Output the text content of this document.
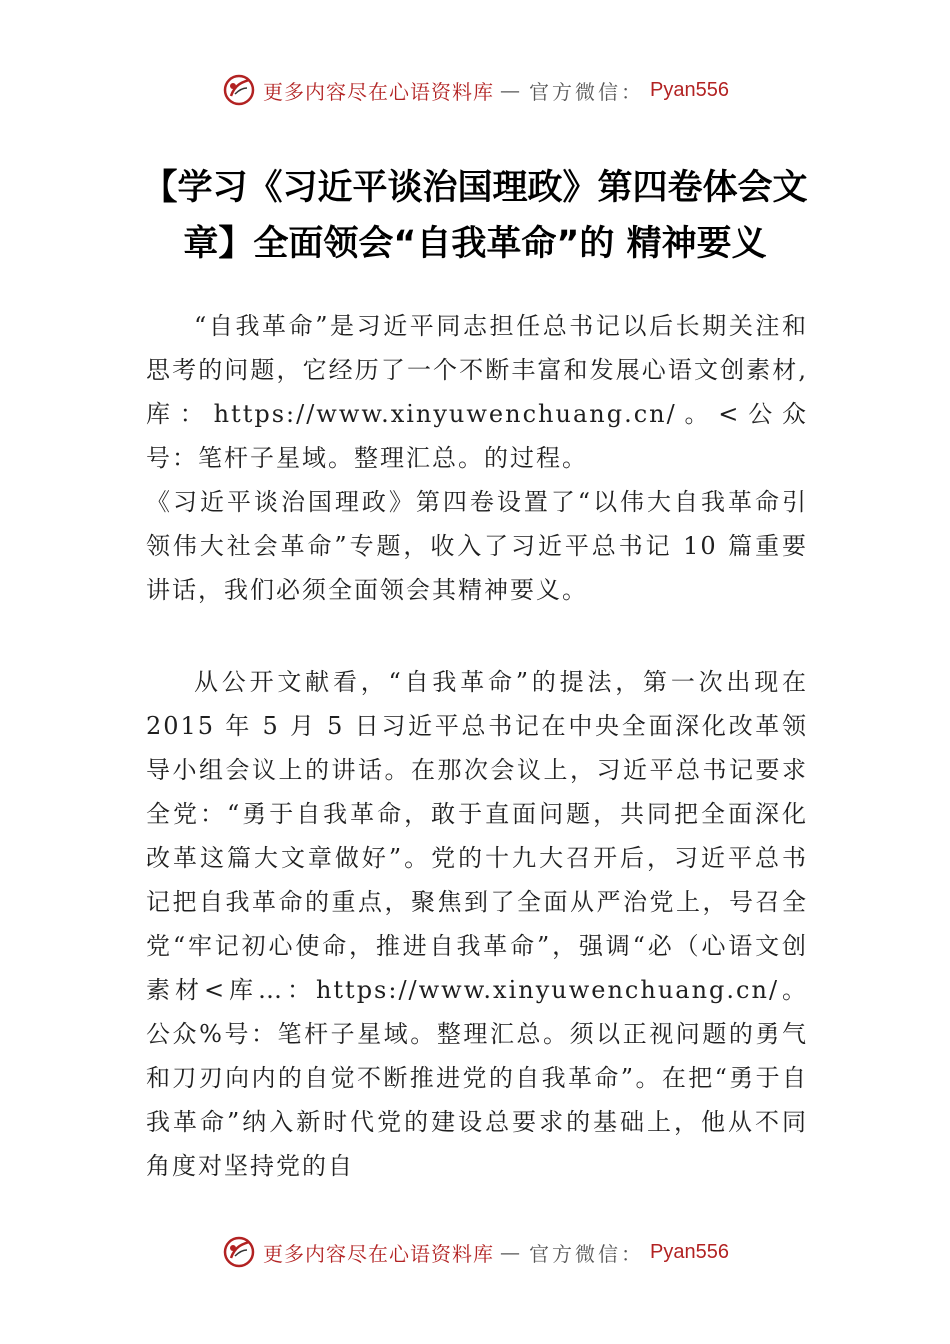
更多内容尽在心语资料库 — 官方微信： Pyan556
【学习《习近平谈治国理政》第四卷体会文
章】全面领会“自我革命”的 精神要义

“自我革命”是习近平同志担任总书记以后长期关注和思考的问题，它经历了一个不断丰富和发展心语文创素材,库：https://www.xinyuwenchuang.cn/。<公众号：笔杆子星域。整理汇总。的过程。

《习近平谈治国理政》第四卷设置了“以伟大自我革命引领伟大社会革命”专题，收入了习近平总书记 10 篇重要讲话，我们必须全面领会其精神要义。

从公开文献看，“自我革命”的提法，第一次出现在 2015 年 5 月 5 日习近平总书记在中央全面深化改革领导小组会议上的讲话。在那次会议上，习近平总书记要求全党：“勇于自我革命，敢于直面问题，共同把全面深化改革这篇大文章做好”。党的十九大召开后，习近平总书记把自我革命的重点，聚焦到了全面从严治党上，号召全党“牢记初心使命，推进自我革命”，强调“必（心语文创素材<库…：https://www.xinyuwenchuang.cn/。公众%号：笔杆子星域。整理汇总。须以正视问题的勇气和刀刃向内的自觉不断推进党的自我革命”。在把“勇于自我革命”纳入新时代党的建设总要求的基础上，他从不同角度对坚持党的自

更多内容尽在心语资料库 — 官方微信： Pyan556
